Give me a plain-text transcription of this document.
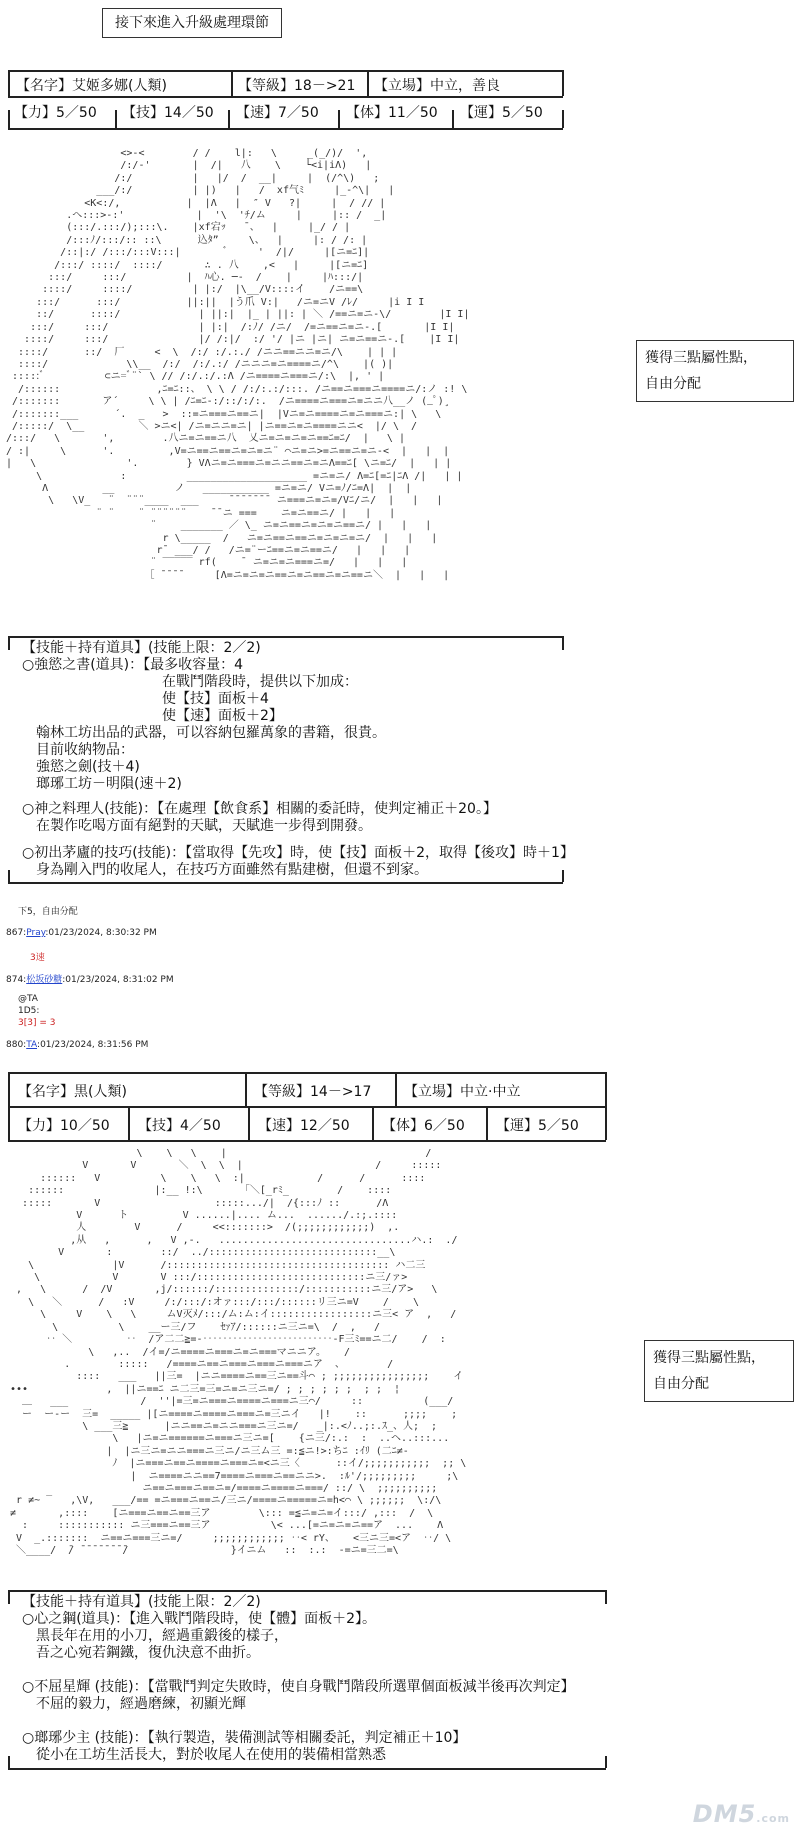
接下來進入升級處理環節
【名字】艾姬多娜(人類)	【等級】18－>21 【立場】中立，善良
【力】5／50 【技】14／50 【速】7／50 【体】11／50 【運】5／50
<>-<        / /    l|:   \     _(_/)/  ',
/:/-'       |  /|   八    \    └<i|iΛ)   |
/:/          |   |/  /  __|     |  (/^\)   ;
___/:/          | |)   |   /  xf气ﾐ     |_-^\|   |
<K<:/,           |  |Λ   |  ″ V   ?|     |  / // |
.へ:::>‐:'            |  '\  'ﾁ/ム     |     |:: /  _|
(:::/.:::/);:::\.    |xf宕ｯ   ¯、  |     |_/ / |
/:::ﾉ/:::/:: ::\      込ﾀ”     \、  |     |: / /: |
/::|:/ /:::/:::V:::|       ﾞ     '  /|/     |[ニ=ﾆ]|
/:::/ ::::/  ::::/       ∴ . 八    ,<   |     |[ニ=ﾆ]
:::/     :::/          |  ﾊ心. ─-  /    |     |ﾊ:::/|
::::/     ::::/          | |:/  |\__/V::::イ    /ニ==\
:::/      :::/           ||:||  |う爪 V:|   /ニ=ニV /ﾚ/     |i I I
::/      ::::/             | ||:|  |_ | ||: | ＼ /==ニ=ニ-\/        |I I|
:::/     :::/               | |:|  /:ﾉ/ /ニ/  /=ニ==ニ=ニ-.[       |I I|
::::/     :::/               |/ /:|/  :/ '/ |ニ |ニ| ニ=ニ==ニ-.[    |I I|
::::/      ::/  厂     <  \  /:/ :/.:./ /ニニ==ニニ=ニ/\    | | |
::::/             \\__  /:/  /:/.:/ /ニニニ=ニ====ニ/^\    |( )|
:::::ﾞ          ⊂ニ=ﾞ¨` \ // /:/.:/.:Λ /ニ====ニ===ニ/:\  |, ' |
/::::::                ,ﾆ=ﾆ::、 \ \ / /:/:.:/:::. /ニ==ニ===ニ====ニ/:ノ :! \
/:::::::       ア´     \ \ | /ﾆ=ﾆ-:/::/:/:.  /ニ====ニ===ニ=ニニ八__ノ (_ﾟ)¸
/:::::::___      ´.  _   >  ::=ニ===ニ==ニ|  |Vニ=ニ====ニ=ニ===ニ:| \   \
/:::::/  \__         ＼ >ニ<| /ニ=ニニ=ニ| |ニ==ニ=ニ====ニニ<  |/ \  /
/:::/   \       ',        .八ニ=ニ==ニ八  乂ニ=ニ=ニ=ニ==ﾆ=ﾆ/  |   \ |
/ :|     \      '.         ,V=ニ==ニ==ニ=ニ=ニ¨ ⌒ニ=ニ>=ニ==ニ=ニ-<  |   |  |
|   \               '.        } VΛニ=ニ===ニ=ニニ==ニ=ニΛ==ﾆ[ \ニ=ﾆ/  |   | |
\             :          ____________________ =ニ=ニ/ Λ=ﾆ[=ﾆ|ﾆΛ /|   | |
Λ         __          ノ   ___________ =ニ=ニ/ Vニ=ﾉ/ﾆ=Λ|  |  |
\   \V_   ¨  ¨¨¨____  ___     ¯¯¯¯¯¯¯ ニ===ニ=ニ=/Vﾆ/ニ/  |   |   |
¨ ¨    ¨ ¨¨¨¨¨¨    ¯¯ニ ===    ニ=ニ==ニ/ |   |   |
¨    _______ ／ \_ ニ=ニ==ニ=ニ=ニ==ニ/ |   |   |
r \_____  /   ニ=ニ==ニ==ニ=ニ=ニ=ニ/  |   |   |
r¯ ___/ /   /ニ=¨ーﾆ==ニ=ニ==ニ/   |   |   |
¨ ‾‾‾‾‾ rf(    ¯ ニ=ニ=ニ===ニ=/   |   |   |
［ ¯¯¯¯     [Λ=ニ=ニ=ニ==ニ=ニ==ニ=ニ==ニ＼  |   |   |
獲得三點屬性點，
自由分配
【技能＋持有道具】(技能上限：2／2)
○強慾之書(道具)：【最多收容量：4
　　　　　　　　　　在戰鬥階段時，提供以下加成：
　　　　　　　　　　使【技】面板＋4
　　　　　　　　　　使【速】面板＋2】
　翰林工坊出品的武器，可以容納包羅萬象的書籍，很貴。
　目前收納物品：
　強慾之劍(技＋4)
　瑯琊工坊－明隕(速＋2)
○神之料理人(技能)：【在處理【飲食系】相關的委託時，使判定補正＋20。】
　在製作吃喝方面有絕對的天賦，天賦進一步得到開發。
○初出茅廬的技巧(技能)：【當取得【先攻】時，使【技】面板＋2，取得【後攻】時＋1】
　身為剛入門的收尾人，在技巧方面雖然有點建樹，但還不到家。
下5，自由分配
867:Pray:01/23/2024, 8:30:32 PM
3速
874:松坂砂糖:01/23/2024, 8:31:02 PM
@TA
1D5:
3[3] = 3
880:TA:01/23/2024, 8:31:56 PM
【名字】黒(人類)	【等級】14－>17 【立場】中立·中立
【力】10／50 【技】4／50	【速】12／50 【体】6／50 【運】5／50
\    \   \    |                                 /
V       V       ＼  \  \  |                      /     :::::
::::::   V          \    \   \  :|            /      /      ::::
::::::               |:__ !:\       ｢＼[_rﾐ_        /    ::::
:::::       V                   :::::.../|  /{:::ﾉ ::      /Λ
V      ト         V ......|.... ム...  ....../.:;.::::
人        V      /     <<:::::::>  /(;;;;;;;;;;;;)  ,.
,从   ,      ,   V ,-.   ................................ハ.:  ./
V       :        ::/  ../::::::::::::::::::::::::::::__\
\             |V      /::::::::::::::::::::::::::::::::::::: ハ二三
\            V       V :::/::::::::::::::::::::::::::::ニ三/ァ>
,   \      /  /V       ,j/::::::/::::::::::::::/:::::::::::ニ三/ア>   \
\   ＼      /   :V     /:/:::/:オァ:::/:::/::::::リ三ニ=V    /    \
\     V    \   \     ムV灭ﾒ/:::/ム:ム:イ:::::::::::::::::ニ三< ア  ,   /
\          \    __ー三/フ    ｾｧｱ/::::::ニ三ニ=\  /  ,   /
‥ ＼         ‥  /ア二二≧=-‥‥‥‥‥‥‥‥‥‥‥‥‥-F三ﾐ==ニ二/    /  :
\   ,..  /イ=/ニ====ニ===ニ=ニ===マニニア。   /
.        :::::   /====ニ==ニ===ニ===ニ===ニア  、       /
::::   ___   ||三=  |ニニ====ニ==三ニ==斗⌒ ; ;;;;;;;;;;;;;;;;    イ
•••             ,  ||ニ==ﾆ ニ二三=三=ニ=ニ三ニ=/ ; ; ; ; ; ;  ; ;  ¦
＿   ___            /  ''|=三=ニ===ニ====ニ===ニ三⌒/     ::          (___/
ー  ー‐ー  三=  _____ |[ニ====ニ====ニ===ニ=三ニイ   |!    ::      ;;;;    ;
\ ___三≧      |ニニ==ニ=ニニ===ニ三ニ=/   _|:.<ﾉ..;:.ｽ_、人;  ;
\   |ニ=ニ======ニ===ニ三ニ=[    {ニ三/:.:  :  ..ヘ..:::...
|  |ニ三ニ=ニニ===ニ三ニ/ニ三ム三 =:≦ニ!>:ちﾆ :ｲﾘ (二ﾆ≠-
ﾉ  |ニ===ニ==ニ====ニ===ニ=<ニ三〈      ::イ/;;;;;;;;;;;  ;; \
|  ニ====ニニ==7====ニ===ニ==ニニ>.  :ﾙ'/;;;;;;;;;     ;\
ニ==ニ===ニ==ニ=/====ニ====ニ===/ ::/ \  ;;;;;;;;;;
r ≠~ ‾   ,\V,   ___/== =ニ===ニ==ニ/三ニ/====ニ=====ニ=h<⌒ \ ;;;;;;  \:/\
≠       ,::::    [ニ===ニ==ニ==三ア        \::: =≦ニ=ニ=イ:::/ ,:::  /  \
:     ::::::::::: ニ三===ニ==三ア          \< ...[=ニ=ニ=ニ==ア  ...    Λ
V  _.:::::::  ニ==ニ===三ニ=/     ;;;;;;;;;;;; ‥< rY、   <三ニ三=<ア  ‥/ \
＼____/  ̄/ ̄ ̄ ̄ ̄ ̄ ̄ ̄ ̄/                 }イニム   ::  :.:  ‐=ニ=三二=\
獲得三點屬性點，
自由分配
【技能＋持有道具】(技能上限：2／2)
○心之鋼(道具)：【進入戰鬥階段時，使【體】面板＋2】。
　黑長年在用的小刀，經過重鍛後的樣子，
　吾之心宛若鋼鐵，復仇決意不曲折。
○不屈星輝 (技能)：【當戰鬥判定失敗時，使自身戰鬥階段所選單個面板減半後再次判定】
　不屈的毅力，經過磨練，初顯光輝
○瑯琊少主 (技能)：【執行製造，裝備測試等相關委託，判定補正＋10】
　從小在工坊生活長大，對於收尾人在使用的裝備相當熟悉
DM5.com
